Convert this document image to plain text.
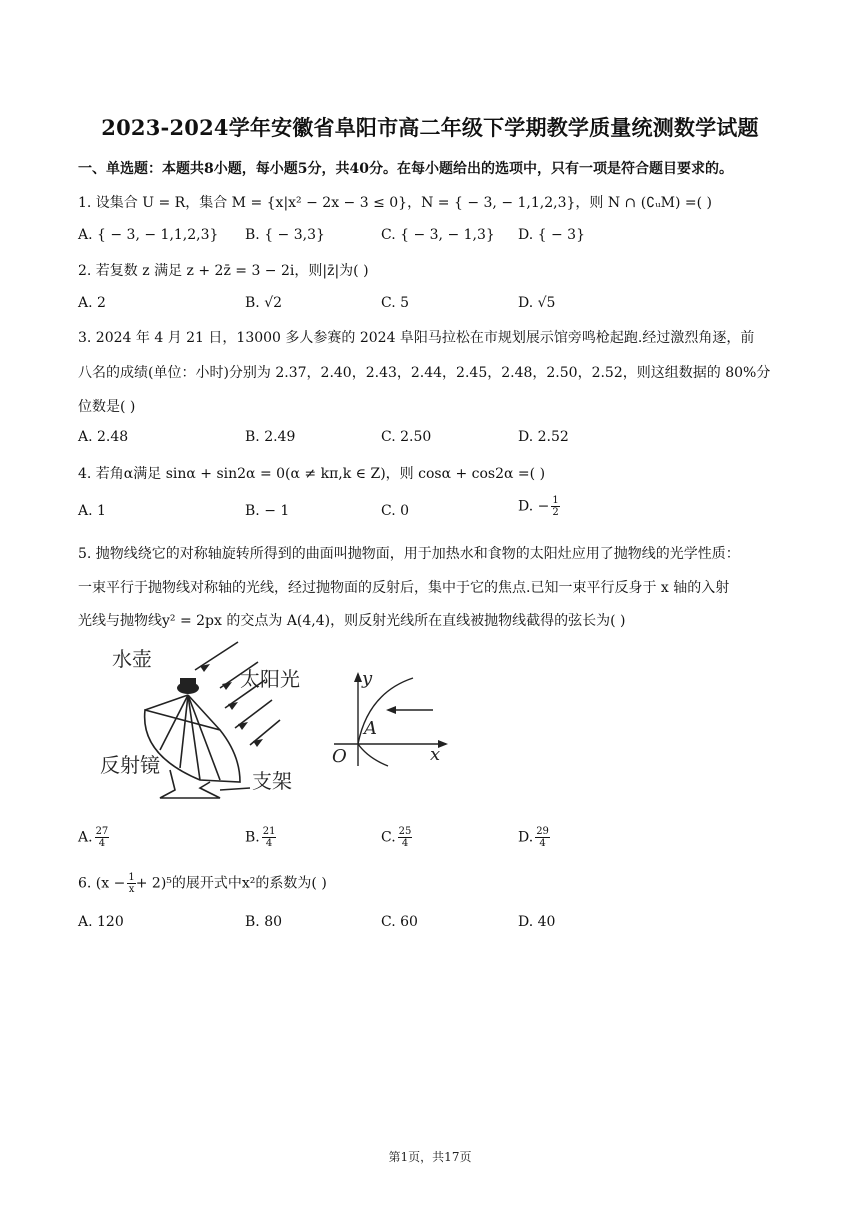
2023-2024学年安徽省阜阳市高二年级下学期教学质量统测数学试题
一、单选题：本题共8小题，每小题5分，共40分。在每小题给出的选项中，只有一项是符合题目要求的。
1. 设集合 U = R，集合 M = {x|x² − 2x − 3 ≤ 0}，N = { − 3, − 1,1,2,3}，则 N ∩ (∁ᵤM) =( )
A. { − 3, − 1,1,2,3} B. { − 3,3}	C. { − 3, − 1,3} D. { − 3}
2. 若复数 z 满足 z + 2z̄ = 3 − 2i，则|z̄|为( )
A. 2	B. √2	C. 5	D. √5
3. 2024 年 4 月 21 日，13000 多人参赛的 2024 阜阳马拉松在市规划展示馆旁鸣枪起跑.经过激烈角逐，前
八名的成绩(单位：小时)分别为 2.37，2.40，2.43，2.44，2.45，2.48，2.50，2.52，则这组数据的 80%分
位数是( )
A. 2.48	B. 2.49	C. 2.50	D. 2.52
4. 若角α满足 sinα + sin2α = 0(α ≠ kπ,k ∈ Z)，则 cosα + cos2α =( )
A. 1	B. − 1	C. 0	D. − $\frac{1}{2}$
5. 抛物线绕它的对称轴旋转所得到的曲面叫抛物面，用于加热水和食物的太阳灶应用了抛物线的光学性质：
一束平行于抛物线对称轴的光线，经过抛物面的反射后，集中于它的焦点.已知一束平行反身于 x 轴的入射
光线与抛物线y² = 2px 的交点为 A(4,4)，则反射光线所在直线被抛物线截得的弦长为( )
水壶
太阳光
反射镜
支架
y
x
O
A
A. $\frac{27}{4}$	B. $\frac{21}{4}$	C. $\frac{25}{4}$	D. $\frac{29}{4}$
6. $(x - \frac{1}{x} + 2)^5$的展开式中x²的系数为( )
A. 120	B. 80	C. 60	D. 40
第1页，共17页
